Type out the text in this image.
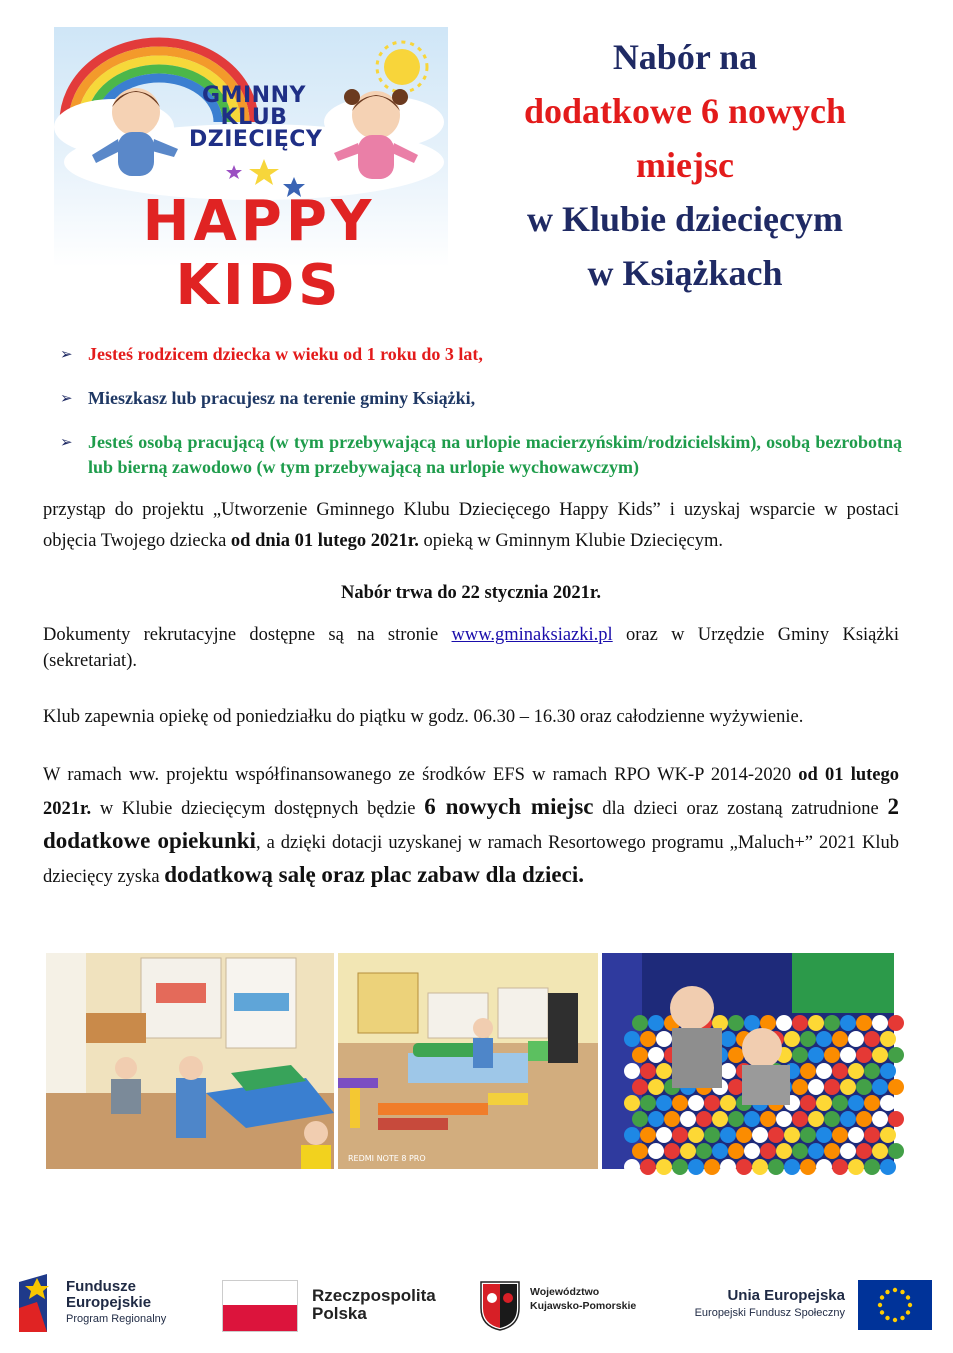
GMINNY
KLUB
DZIECIĘCY
HAPPY KIDS
Nabór na
dodatkowe 6 nowych
miejsc
w Klubie dziecięcym
w Książkach
➢ Jesteś rodzicem dziecka w wieku od 1 roku do 3 lat,
➢ Mieszkasz lub pracujesz na terenie gminy Książki,
➢ Jesteś osobą pracującą (w tym przebywającą na urlopie macierzyńskim/rodzicielskim), osobą bezrobotną lub bierną zawodowo (w tym przebywającą na urlopie wychowawczym)
przystąp do projektu „Utworzenie Gminnego Klubu Dziecięcego Happy Kids” i uzyskaj wsparcie w postaci objęcia Twojego dziecka od dnia 01 lutego 2021r. opieką w Gminnym Klubie Dziecięcym.
Nabór trwa do 22 stycznia 2021r.
Dokumenty rekrutacyjne dostępne są na stronie www.gminaksiazki.pl oraz w Urzędzie Gminy Książki (sekretariat).
Klub zapewnia opiekę od poniedziałku do piątku w godz. 06.30 – 16.30 oraz całodzienne wyżywienie.
W ramach ww. projektu współfinansowanego ze środków EFS w ramach RPO WK-P 2014-2020 od 01 lutego 2021r. w Klubie dziecięcym dostępnych będzie 6 nowych miejsc dla dzieci oraz zostaną zatrudnione 2 dodatkowe opiekunki, a dzięki dotacji uzyskanej w ramach Resortowego programu „Maluch+” 2021 Klub dziecięcy zyska dodatkową salę oraz plac zabaw dla dzieci.
REDMI NOTE 8 PRO
Fundusze
Europejskie
Program Regionalny
Rzeczpospolita
Polska
Województwo
Kujawsko-Pomorskie
Unia Europejska
Europejski Fundusz Społeczny
